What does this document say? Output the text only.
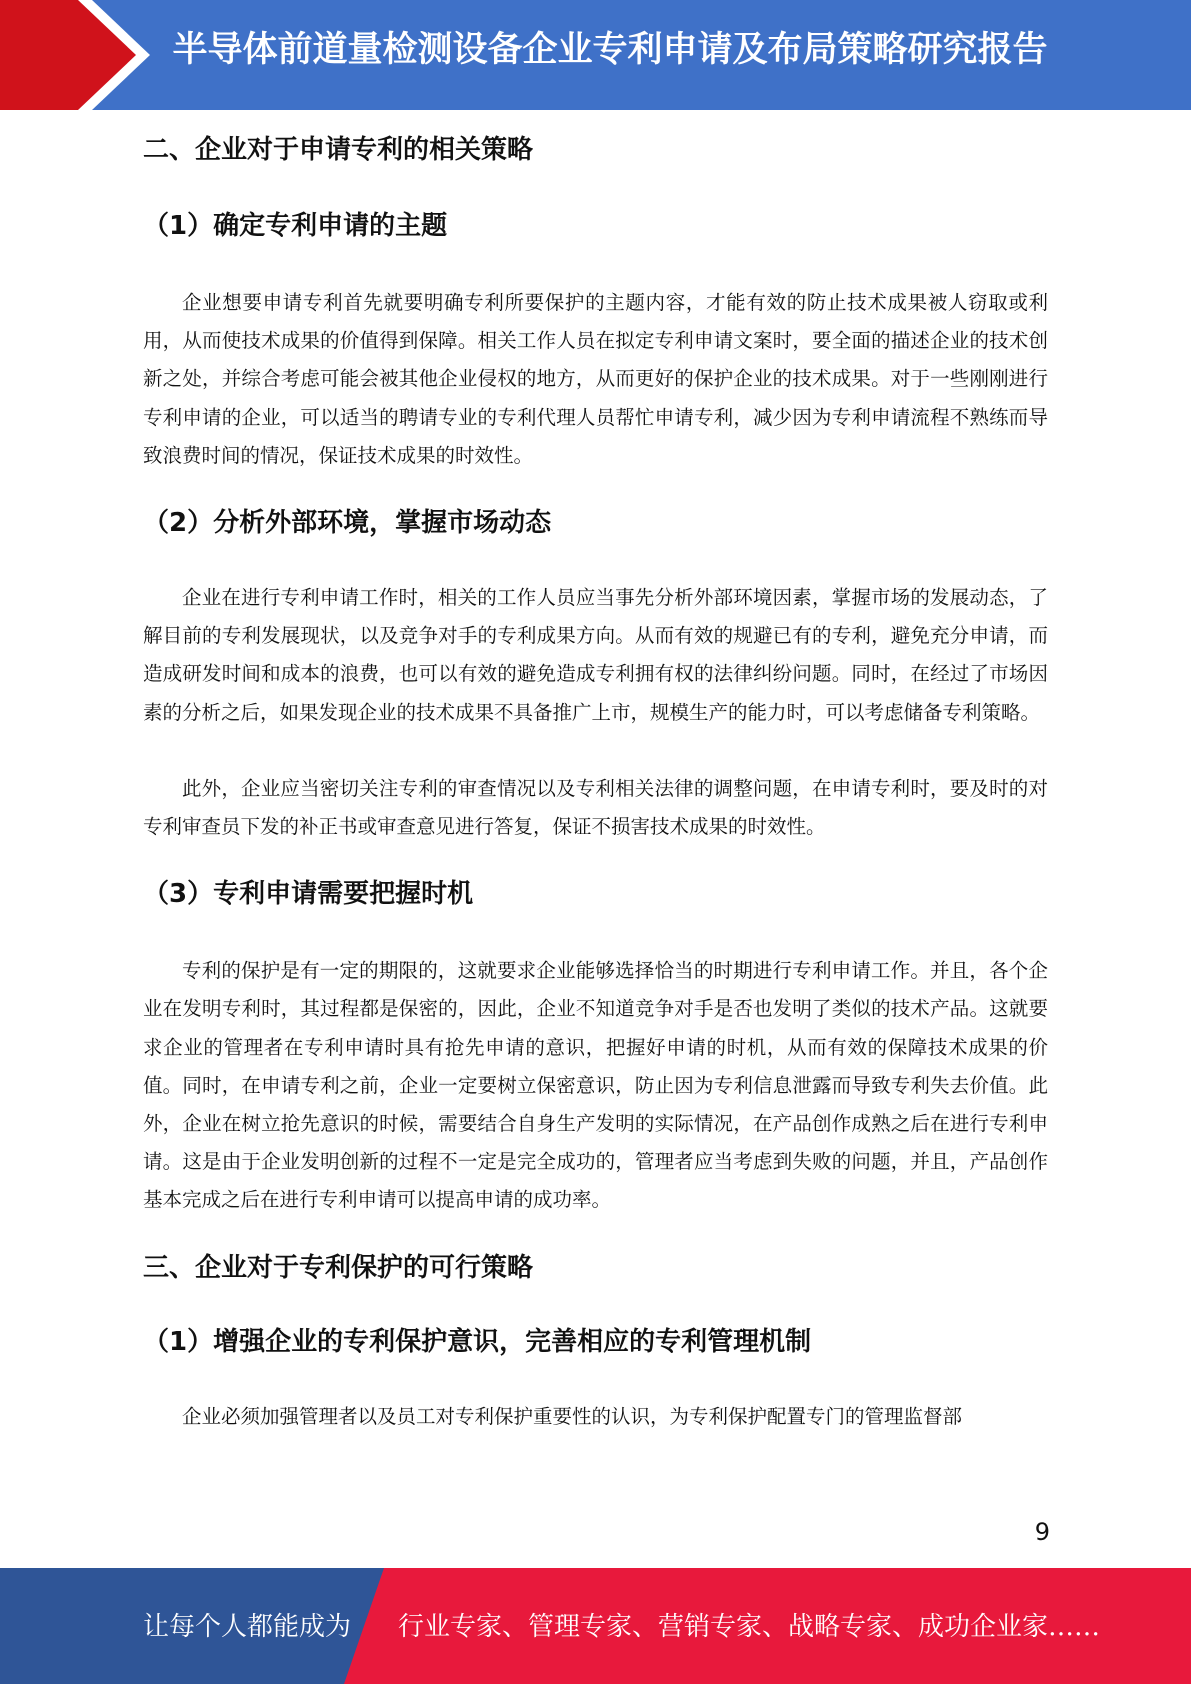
半导体前道量检测设备企业专利申请及布局策略研究报告
二、企业对于申请专利的相关策略
（1）确定专利申请的主题

企业想要申请专利首先就要明确专利所要保护的主题内容，才能有效的防止技术成果被人窃取或利用，从而使技术成果的价值得到保障。相关工作人员在拟定专利申请文案时，要全面的描述企业的技术创新之处，并综合考虑可能会被其他企业侵权的地方，从而更好的保护企业的技术成果。对于一些刚刚进行专利申请的企业，可以适当的聘请专业的专利代理人员帮忙申请专利，减少因为专利申请流程不熟练而导致浪费时间的情况，保证技术成果的时效性。

（2）分析外部环境，掌握市场动态

企业在进行专利申请工作时，相关的工作人员应当事先分析外部环境因素，掌握市场的发展动态，了解目前的专利发展现状，以及竞争对手的专利成果方向。从而有效的规避已有的专利，避免充分申请，而造成研发时间和成本的浪费，也可以有效的避免造成专利拥有权的法律纠纷问题。同时，在经过了市场因素的分析之后，如果发现企业的技术成果不具备推广上市，规模生产的能力时，可以考虑储备专利策略。

此外，企业应当密切关注专利的审查情况以及专利相关法律的调整问题，在申请专利时，要及时的对专利审查员下发的补正书或审查意见进行答复，保证不损害技术成果的时效性。

（3）专利申请需要把握时机

专利的保护是有一定的期限的，这就要求企业能够选择恰当的时期进行专利申请工作。并且，各个企业在发明专利时，其过程都是保密的，因此，企业不知道竞争对手是否也发明了类似的技术产品。这就要求企业的管理者在专利申请时具有抢先申请的意识，把握好申请的时机，从而有效的保障技术成果的价值。同时，在申请专利之前，企业一定要树立保密意识，防止因为专利信息泄露而导致专利失去价值。此外，企业在树立抢先意识的时候，需要结合自身生产发明的实际情况，在产品创作成熟之后在进行专利申请。这是由于企业发明创新的过程不一定是完全成功的，管理者应当考虑到失败的问题，并且，产品创作基本完成之后在进行专利申请可以提高申请的成功率。

三、企业对于专利保护的可行策略
（1）增强企业的专利保护意识，完善相应的专利管理机制

企业必须加强管理者以及员工对专利保护重要性的认识，为专利保护配置专门的管理监督部

9
让每个人都能成为 行业专家、管理专家、营销专家、战略专家、成功企业家……
